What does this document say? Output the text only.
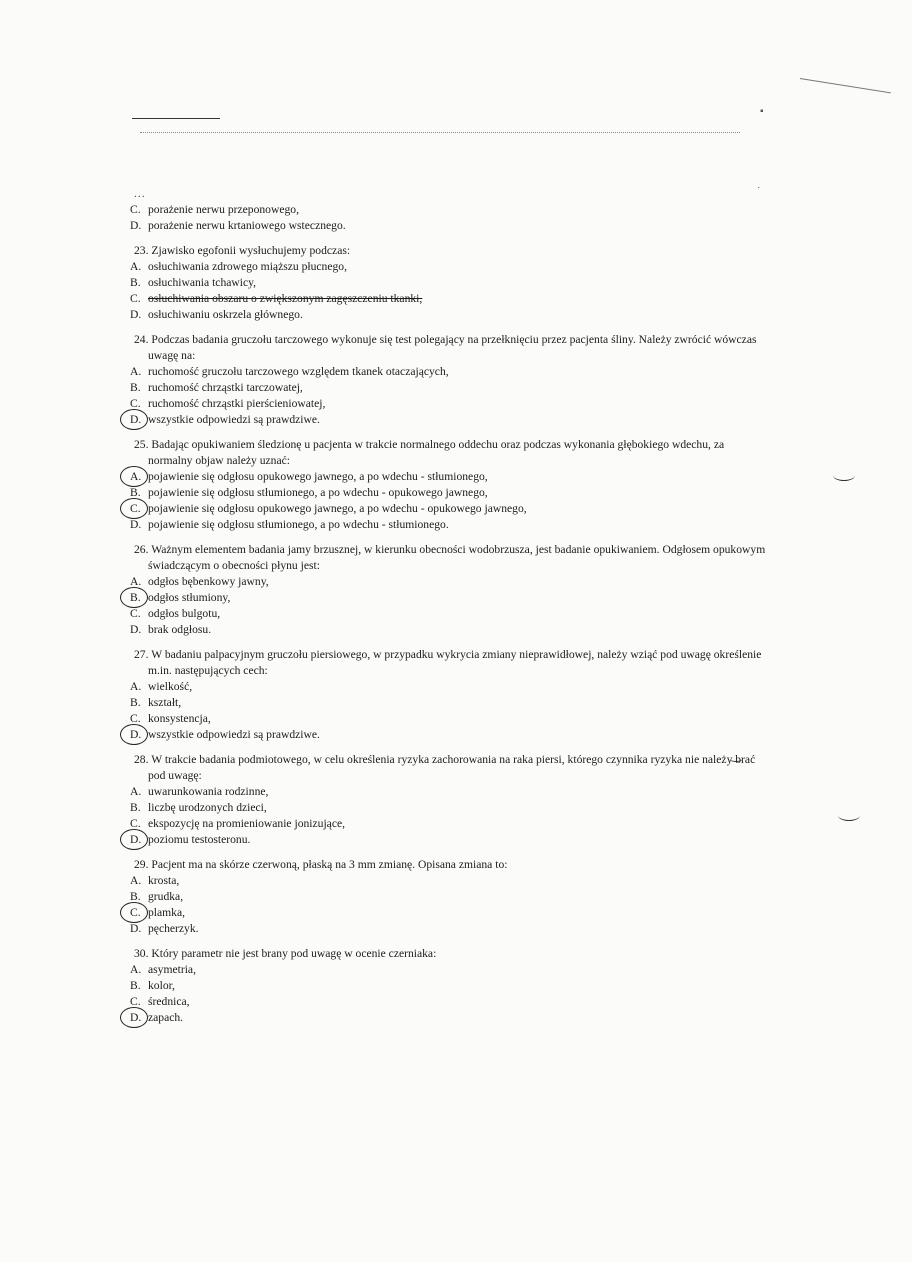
▪
˙
...
C. porażenie nerwu przeponowego,
D. porażenie nerwu krtaniowego wstecznego.
23. Zjawisko egofonii wysłuchujemy podczas:
A. osłuchiwania zdrowego miąższu płucnego,
B. osłuchiwania tchawicy,
C. osłuchiwania obszaru o zwiększonym zagęszczeniu tkanki,
D. osłuchiwaniu oskrzela głównego.
24. Podczas badania gruczołu tarczowego wykonuje się test polegający na przełknięciu przez pacjenta śliny. Należy zwrócić wówczas uwagę na:
A. ruchomość gruczołu tarczowego względem tkanek otaczających,
B. ruchomość chrząstki tarczowatej,
C. ruchomość chrząstki pierścieniowatej,
D. wszystkie odpowiedzi są prawdziwe.
25. Badając opukiwaniem śledzionę u pacjenta w trakcie normalnego oddechu oraz podczas wykonania głębokiego wdechu, za normalny objaw należy uznać:
A. pojawienie się odgłosu opukowego jawnego, a po wdechu - stłumionego,
B. pojawienie się odgłosu stłumionego, a po wdechu - opukowego jawnego,
C. pojawienie się odgłosu opukowego jawnego, a po wdechu - opukowego jawnego,
D. pojawienie się odgłosu stłumionego, a po wdechu - stłumionego.
26. Ważnym elementem badania jamy brzusznej, w kierunku obecności wodobrzusza, jest badanie opukiwaniem. Odgłosem opukowym świadczącym o obecności płynu jest:
A. odgłos bębenkowy jawny,
B. odgłos stłumiony,
C. odgłos bulgotu,
D. brak odgłosu.
27. W badaniu palpacyjnym gruczołu piersiowego, w przypadku wykrycia zmiany nieprawidłowej, należy wziąć pod uwagę określenie m.in. następujących cech:
A. wielkość,
B. kształt,
C. konsystencja,
D. wszystkie odpowiedzi są prawdziwe.
28. W trakcie badania podmiotowego, w celu określenia ryzyka zachorowania na raka piersi, którego czynnika ryzyka nie należy brać pod uwagę:
A. uwarunkowania rodzinne,
B. liczbę urodzonych dzieci,
C. ekspozycję na promieniowanie jonizujące,
D. poziomu testosteronu.
29. Pacjent ma na skórze czerwoną, płaską na 3 mm zmianę. Opisana zmiana to:
A. krosta,
B. grudka,
C. plamka,
D. pęcherzyk.
30. Który parametr nie jest brany pod uwagę w ocenie czerniaka:
A. asymetria,
B. kolor,
C. średnica,
D. zapach.
